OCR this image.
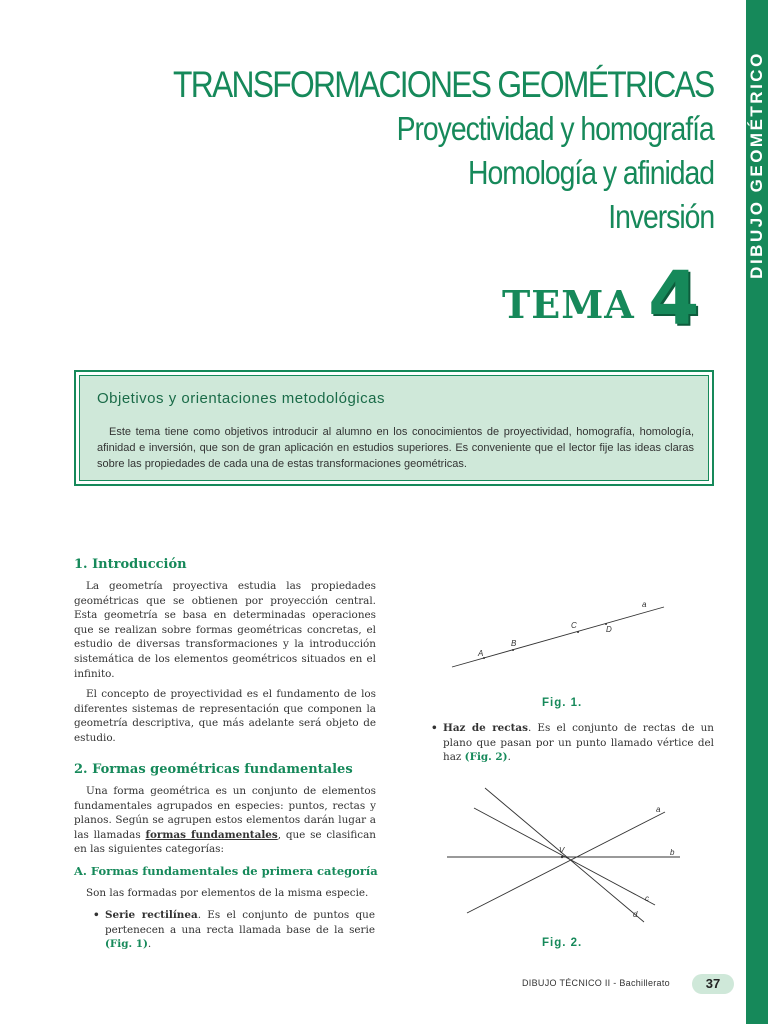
DIBUJO GEOMÉTRICO
TRANSFORMACIONES GEOMÉTRICAS
Proyectividad y homografía
Homología y afinidad
Inversión
TEMA 4
Objetivos y orientaciones metodológicas
Este tema tiene como objetivos introducir al alumno en los conocimientos de proyectividad, homografía, homología, afinidad e inversión, que son de gran aplicación en estudios superiores. Es conveniente que el lector fije las ideas claras sobre las propiedades de cada una de estas transformaciones geométricas.
1. Introducción

La geometría proyectiva estudia las propiedades geométricas que se obtienen por proyección central. Esta geometría se basa en determinadas operaciones que se realizan sobre formas geométricas concretas, el estudio de diversas transformaciones y la introducción sistemática de los elementos geométricos situados en el infinito.

El concepto de proyectividad es el fundamento de los diferentes sistemas de representación que componen la geometría descriptiva, que más adelante será objeto de estudio.

2. Formas geométricas fundamentales

Una forma geométrica es un conjunto de elementos fundamentales agrupados en especies: puntos, rectas y planos. Según se agrupen estos elementos darán lugar a las llamadas formas fundamentales, que se clasifican en las siguientes categorías:

A. Formas fundamentales de primera categoría

Son las formadas por elementos de la misma especie.

• Serie rectilínea. Es el conjunto de puntos que pertenecen a una recta llamada base de la serie (Fig. 1).
a
A
B
C	D
Fig. 1.
• Haz de rectas. Es el conjunto de rectas de un plano que pasan por un punto llamado vértice del haz (Fig. 2).
a
b
c
d
V
Fig. 2.
DIBUJO TÉCNICO II - Bachillerato	37
